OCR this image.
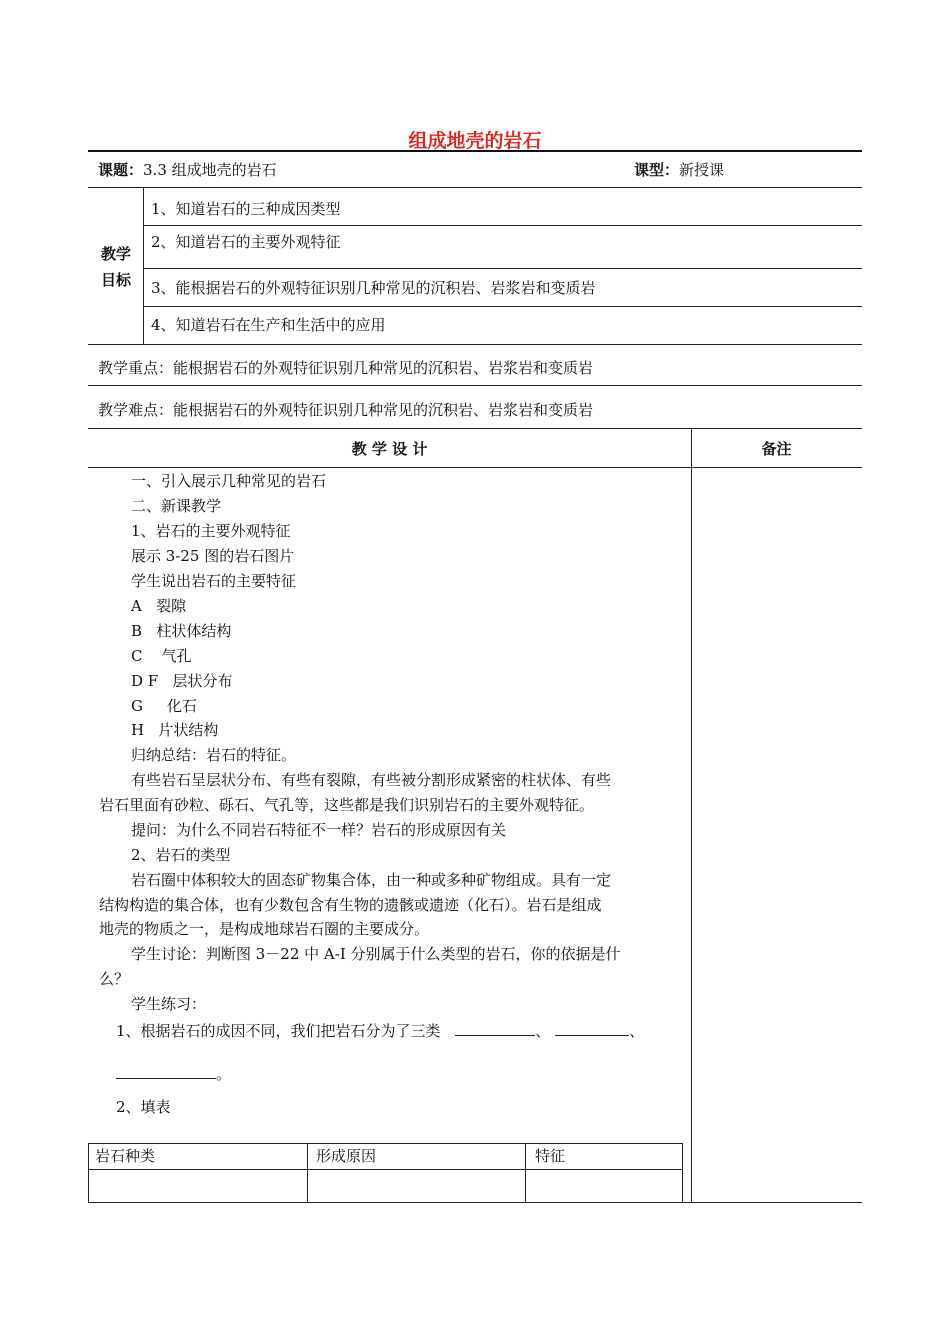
组成地壳的岩石
课题：3.3 组成地壳的岩石	课型：新授课
教学
目标
1、知道岩石的三种成因类型
2、知道岩石的主要外观特征
3、能根据岩石的外观特征识别几种常见的沉积岩、岩浆岩和变质岩
4、知道岩石在生产和生活中的应用
教学重点：能根据岩石的外观特征识别几种常见的沉积岩、岩浆岩和变质岩
教学难点：能根据岩石的外观特征识别几种常见的沉积岩、岩浆岩和变质岩
教 学 设 计	备注
一、引入展示几种常见的岩石
二、新课教学
1、岩石的主要外观特征
展示 3-25 图的岩石图片
学生说出岩石的主要特征
A   裂隙
B   柱状体结构
C    气孔
D F   层状分布
G     化石
H   片状结构
归纳总结：岩石的特征。
有些岩石呈层状分布、有些有裂隙，有些被分割形成紧密的柱状体、有些
岩石里面有砂粒、砾石、气孔等，这些都是我们识别岩石的主要外观特征。
提问：为什么不同岩石特征不一样？岩石的形成原因有关
2、岩石的类型
岩石圈中体积较大的固态矿物集合体，由一种或多种矿物组成。具有一定
结构构造的集合体，也有少数包含有生物的遗骸或遗迹（化石）。岩石是组成
地壳的物质之一，是构成地球岩石圈的主要成分。
学生讨论：判断图 3－22 中 A-I 分别属于什么类型的岩石，你的依据是什
么？
学生练习：
1、根据岩石的成因不同，我们把岩石分为了三类	、	、
。
2、填表
岩石种类	形成原因	特征
